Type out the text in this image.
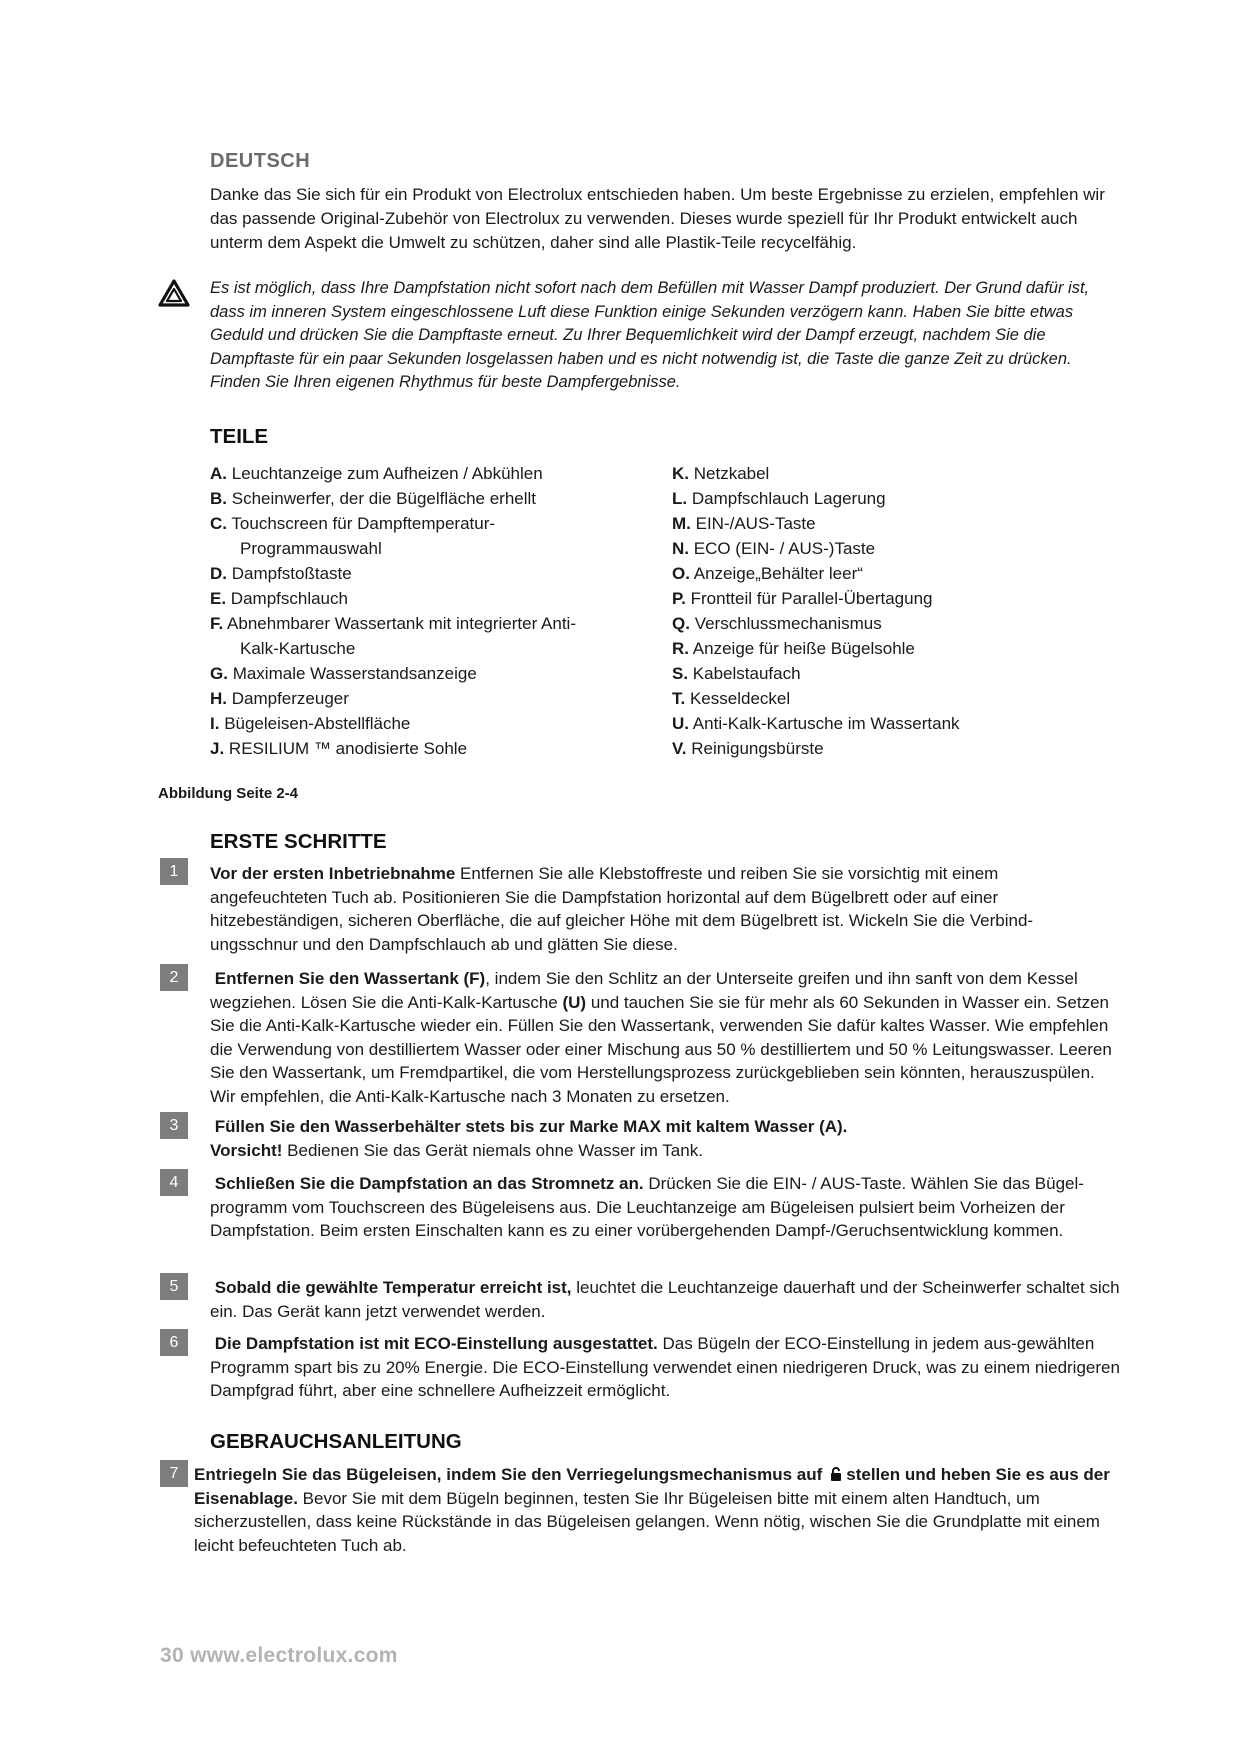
DEUTSCH
Danke das Sie sich für ein Produkt von Electrolux entschieden haben. Um beste Ergebnisse zu erzielen, empfehlen wir das passende Original-Zubehör von Electrolux zu verwenden. Dieses wurde speziell für Ihr Produkt entwickelt auch unterm dem Aspekt die Umwelt zu schützen, daher sind alle Plastik-Teile recycelfähig.
Es ist möglich, dass Ihre Dampfstation nicht sofort nach dem Befüllen mit Wasser Dampf produziert. Der Grund dafür ist, dass im inneren System eingeschlossene Luft diese Funktion einige Sekunden verzögern kann. Haben Sie bitte etwas Geduld und drücken Sie die Dampftaste erneut. Zu Ihrer Bequemlichkeit wird der Dampf erzeugt, nachdem Sie die Dampftaste für ein paar Sekunden losgelassen haben und es nicht notwendig ist, die Taste die ganze Zeit zu drücken. Finden Sie Ihren eigenen Rhythmus für beste Dampfergebnisse.
TEILE
A. Leuchtanzeige zum Aufheizen / Abkühlen
B. Scheinwerfer, der die Bügelfläche erhellt
C. Touchscreen für Dampftemperatur-
Programmauswahl
D. Dampfstoßtaste
E. Dampfschlauch
F. Abnehmbarer Wassertank mit integrierter Anti-
Kalk-Kartusche
G. Maximale Wasserstandsanzeige
H. Dampferzeuger
I. Bügeleisen-Abstellfläche
J. RESILIUM ™ anodisierte Sohle
K. Netzkabel
L. Dampfschlauch Lagerung
M. EIN-/AUS-Taste
N. ECO (EIN- / AUS-)Taste
O. Anzeige„Behälter leer“
P. Frontteil für Parallel-Übertagung
Q. Verschlussmechanismus
R. Anzeige für heiße Bügelsohle
S. Kabelstaufach
T. Kesseldeckel
U. Anti-Kalk-Kartusche im Wassertank
V. Reinigungsbürste
Abbildung Seite 2-4
ERSTE SCHRITTE
1	Vor der ersten Inbetriebnahme Entfernen Sie alle Klebstoffreste und reiben Sie sie vorsichtig mit einem angefeuchteten Tuch ab. Positionieren Sie die Dampfstation horizontal auf dem Bügelbrett oder auf einer hitzebeständigen, sicheren Oberfläche, die auf gleicher Höhe mit dem Bügelbrett ist. Wickeln Sie die Verbind-ungsschnur und den Dampfschlauch ab und glätten Sie diese.
2	Entfernen Sie den Wassertank (F), indem Sie den Schlitz an der Unterseite greifen und ihn sanft von dem Kessel wegziehen. Lösen Sie die Anti-Kalk-Kartusche (U) und tauchen Sie sie für mehr als 60 Sekunden in Wasser ein. Setzen Sie die Anti-Kalk-Kartusche wieder ein. Füllen Sie den Wassertank, verwenden Sie dafür kaltes Wasser. Wie empfehlen die Verwendung von destilliertem Wasser oder einer Mischung aus 50 % destilliertem und 50 % Leitungswasser. Leeren Sie den Wassertank, um Fremdpartikel, die vom Herstellungsprozess zurückgeblieben sein könnten, herauszuspülen. Wir empfehlen, die Anti-Kalk-Kartusche nach 3 Monaten zu ersetzen.
3	Füllen Sie den Wasserbehälter stets bis zur Marke MAX mit kaltem Wasser (A).
Vorsicht! Bedienen Sie das Gerät niemals ohne Wasser im Tank.
4	Schließen Sie die Dampfstation an das Stromnetz an. Drücken Sie die EIN- / AUS-Taste. Wählen Sie das Bügel-programm vom Touchscreen des Bügeleisens aus. Die Leuchtanzeige am Bügeleisen pulsiert beim Vorheizen der Dampfstation. Beim ersten Einschalten kann es zu einer vorübergehenden Dampf-/Geruchsentwicklung kommen.
5	Sobald die gewählte Temperatur erreicht ist, leuchtet die Leuchtanzeige dauerhaft und der Scheinwerfer schaltet sich ein. Das Gerät kann jetzt verwendet werden.
6	Die Dampfstation ist mit ECO-Einstellung ausgestattet. Das Bügeln der ECO-Einstellung in jedem aus-gewählten Programm spart bis zu 20% Energie. Die ECO-Einstellung verwendet einen niedrigeren Druck, was zu einem niedrigeren Dampfgrad führt, aber eine schnellere Aufheizzeit ermöglicht.
GEBRAUCHSANLEITUNG
7 Entriegeln Sie das Bügeleisen, indem Sie den Verriegelungsmechanismus auf stellen und heben Sie es aus der Eisenablage. Bevor Sie mit dem Bügeln beginnen, testen Sie Ihr Bügeleisen bitte mit einem alten Handtuch, um sicherzustellen, dass keine Rückstände in das Bügeleisen gelangen. Wenn nötig, wischen Sie die Grundplatte mit einem leicht befeuchteten Tuch ab.
30 www.electrolux.com
